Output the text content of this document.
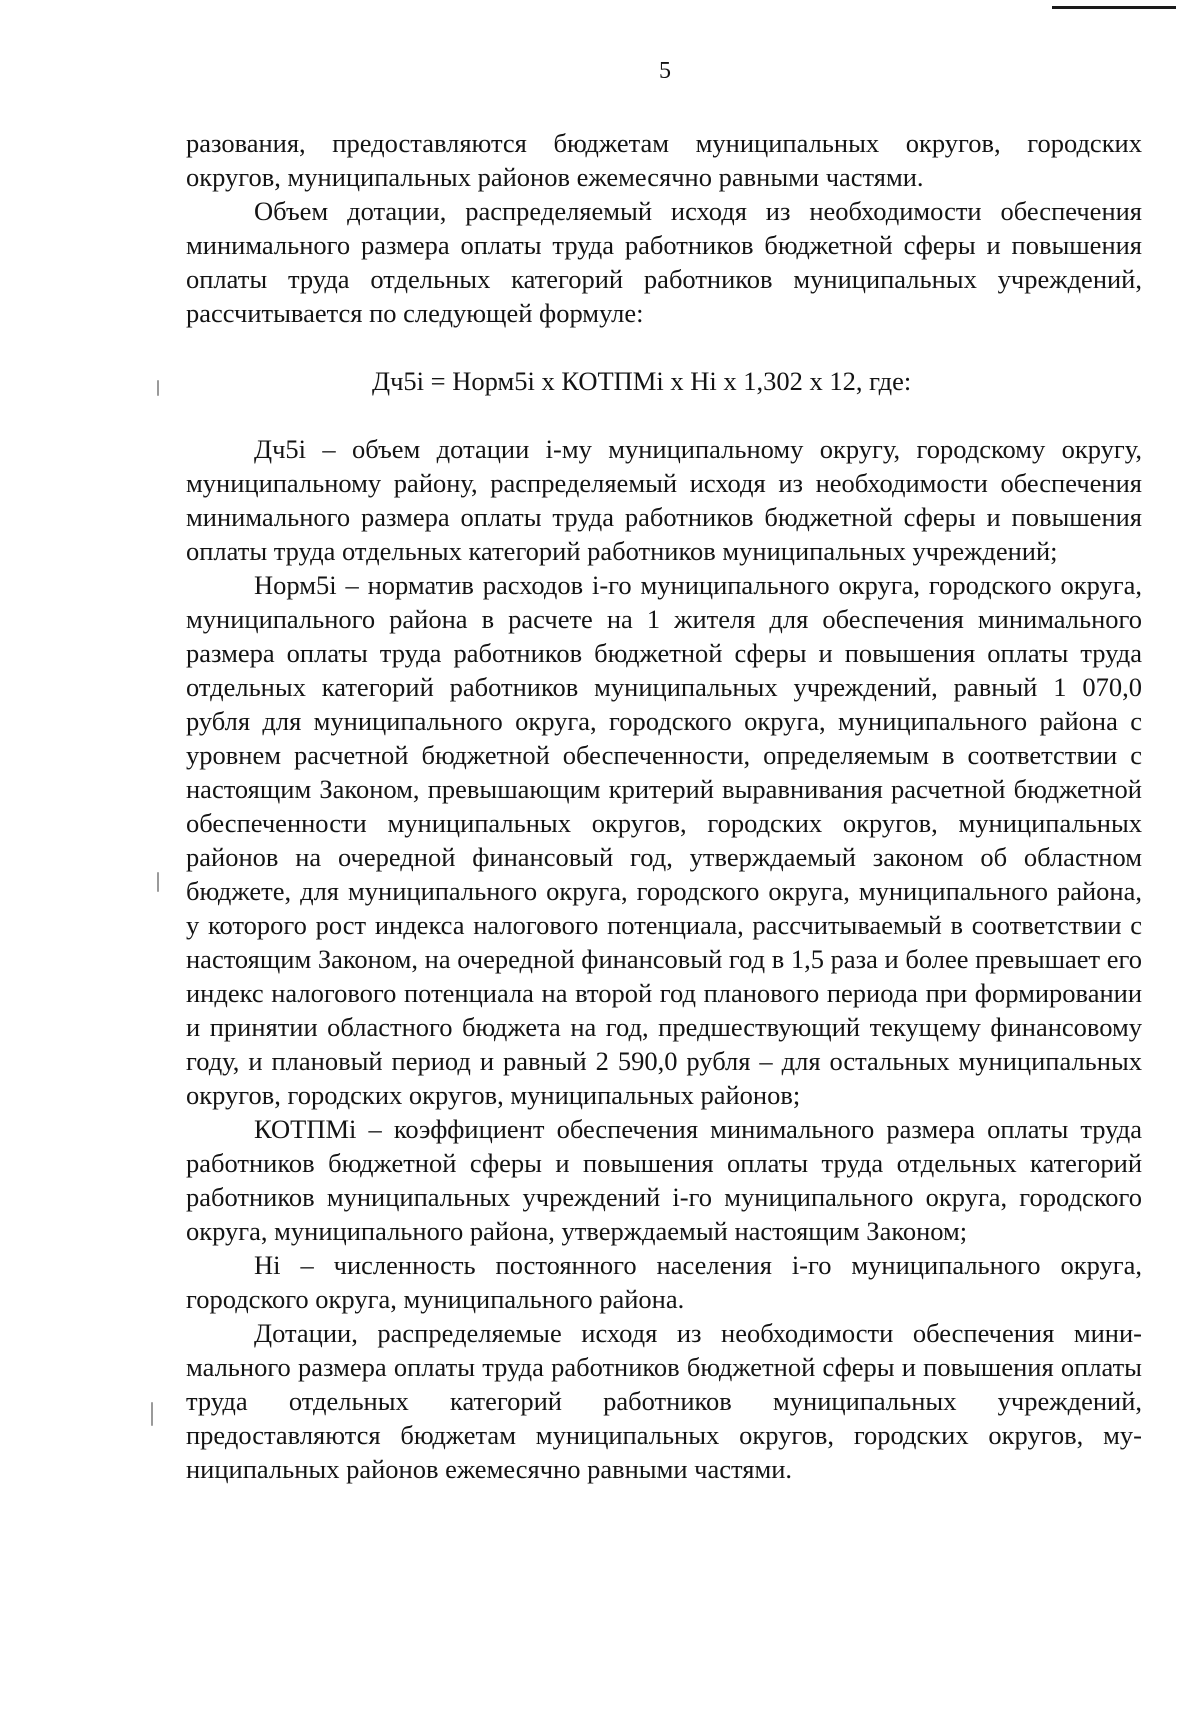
5

разования, предоставляются бюджетам муниципальных округов, городских округов, муниципальных районов ежемесячно равными частями.

Объем дотации, распределяемый исходя из необходимости обеспечения минимального размера оплаты труда работников бюджетной сферы и повышения оплаты труда отдельных категорий работников муниципальных учреждений, рассчитывается по следующей формуле:

Дч5i = Норм5i х КОТПМi х Нi х 1,302 х 12, где:

Дч5i – объем дотации i-му муниципальному округу, городскому округу, муниципальному району, распределяемый исходя из необходимости обеспечения минимального размера оплаты труда работников бюджетной сферы и повышения оплаты труда отдельных категорий работников муниципальных учреждений;

Норм5i – норматив расходов i-го муниципального округа, городского округа, муниципального района в расчете на 1 жителя для обеспечения минимального размера оплаты труда работников бюджетной сферы и повышения оплаты труда отдельных категорий работников муниципальных учреждений, равный 1 070,0 рубля для муниципального округа, городского округа, муниципального района с уровнем расчетной бюджетной обеспеченности, определяемым в соответствии с настоящим Законом, превышающим критерий выравнивания расчетной бюджетной обеспеченности муниципальных округов, городских округов, муниципальных районов на очередной финансовый год, утверждаемый законом об областном бюджете, для муниципального округа, городского округа, муниципального района, у которого рост индекса налогового потенциала, рассчитываемый в соответствии с настоящим Законом, на очередной финансовый год в 1,5 раза и более превышает его индекс налогового потенциала на второй год планового периода при формировании и принятии областного бюджета на год, предшествующий текущему финансовому году, и плановый период и равный 2 590,0 рубля – для остальных муниципальных округов, городских округов, муниципальных районов;

КОТПМi – коэффициент обеспечения минимального размера оплаты труда работников бюджетной сферы и повышения оплаты труда отдельных категорий работников муниципальных учреждений i-го муниципального округа, городского округа, муниципального района, утверждаемый настоящим Законом;

Нi – численность постоянного населения i-го муниципального округа, городского округа, муниципального района.

Дотации, распределяемые исходя из необходимости обеспечения минимального размера оплаты труда работников бюджетной сферы и повышения оплаты труда отдельных категорий работников муниципальных учреждений, предоставляются бюджетам муниципальных округов, городских округов, муниципальных районов ежемесячно равными частями.
